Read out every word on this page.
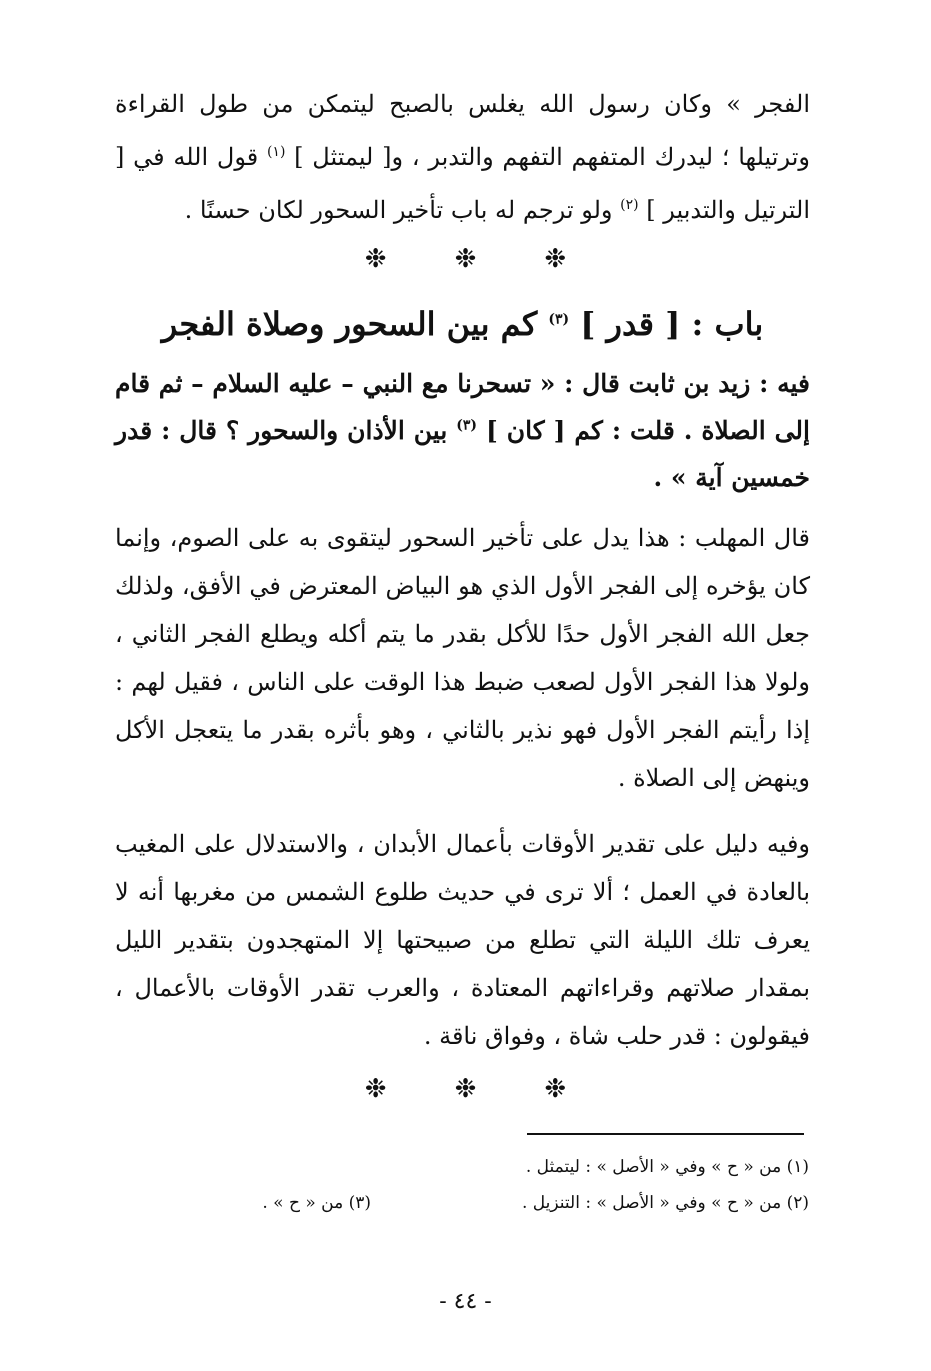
الفجر » وكان رسول الله يغلس بالصبح ليتمكن من طول القراءة وترتيلها ؛ ليدرك المتفهم التفهم والتدبر ، و[ ليمتثل ] $^{(١)}$ قول الله في [ الترتيل والتدبير ] $^{(٢)}$ ولو ترجم له باب تأخير السحور لكان حسنًا .
❉	❉	❉
باب : [ قدر ] $^{(٣)}$ كم بين السحور وصلاة الفجر
فيه : زيد بن ثابت قال : « تسحرنا مع النبي – عليه السلام – ثم قام إلى الصلاة . قلت : كم [ كان ] $^{(٣)}$ بين الأذان والسحور ؟ قال : قدر خمسين آية » .
قال المهلب : هذا يدل على تأخير السحور ليتقوى به على الصوم، وإنما كان يؤخره إلى الفجر الأول الذي هو البياض المعترض في الأفق، ولذلك جعل الله الفجر الأول حدًا للأكل بقدر ما يتم أكله ويطلع الفجر الثاني ، ولولا هذا الفجر الأول لصعب ضبط هذا الوقت على الناس ، فقيل لهم : إذا رأيتم الفجر الأول فهو نذير بالثاني ، وهو بأثره بقدر ما يتعجل الأكل وينهض إلى الصلاة .
وفيه دليل على تقدير الأوقات بأعمال الأبدان ، والاستدلال على المغيب بالعادة في العمل ؛ ألا ترى في حديث طلوع الشمس من مغربها أنه لا يعرف تلك الليلة التي تطلع من صبيحتها إلا المتهجدون بتقدير الليل بمقدار صلاتهم وقراءاتهم المعتادة ، والعرب تقدر الأوقات بالأعمال ، فيقولون : قدر حلب شاة ، وفواق ناقة .
❉	❉	❉
(١) من « ح » وفي « الأصل » : ليتمثل .
(٢) من « ح » وفي « الأصل » : التنزيل .
(٣) من « ح » .
- ٤٤ -
